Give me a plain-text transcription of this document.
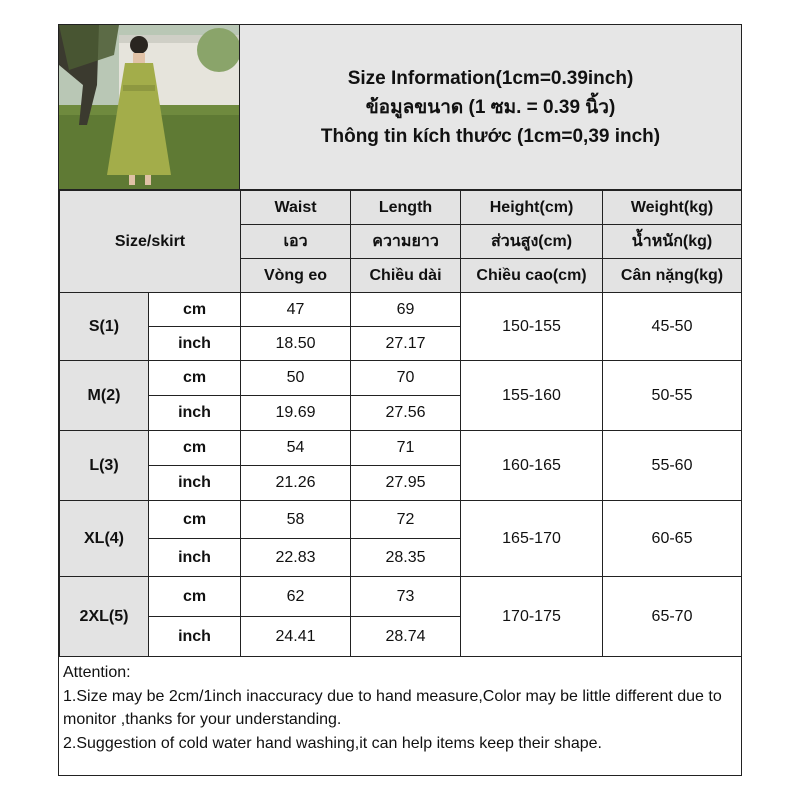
Size Information(1cm=0.39inch)
ข้อมูลขนาด (1 ซม. = 0.39 นิ้ว)
Thông tin kích thước (1cm=0,39 inch)
Size/skirt		Waist	Length	Height(cm)	Weight(kg)
		เอว	ความยาว	ส่วนสูง(cm)	น้ำหนัก(kg)
		Vòng eo	Chiều dài	Chiều cao(cm)	Cân nặng(kg)
S(1)	cm	47	69	150-155	45-50
	inch	18.50	27.17		
M(2)	cm	50	70	155-160	50-55
	inch	19.69	27.56		
L(3)	cm	54	71	160-165	55-60
	inch	21.26	27.95		
XL(4)	cm	58	72	165-170	60-65
	inch	22.83	28.35		
2XL(5)	cm	62	73	170-175	65-70
	inch	24.41	28.74		
Attention:
1.Size may be 2cm/1inch inaccuracy due to hand measure,Color may be little different due to monitor ,thanks for your understanding.
2.Suggestion of cold water hand washing,it can help items keep their shape.
